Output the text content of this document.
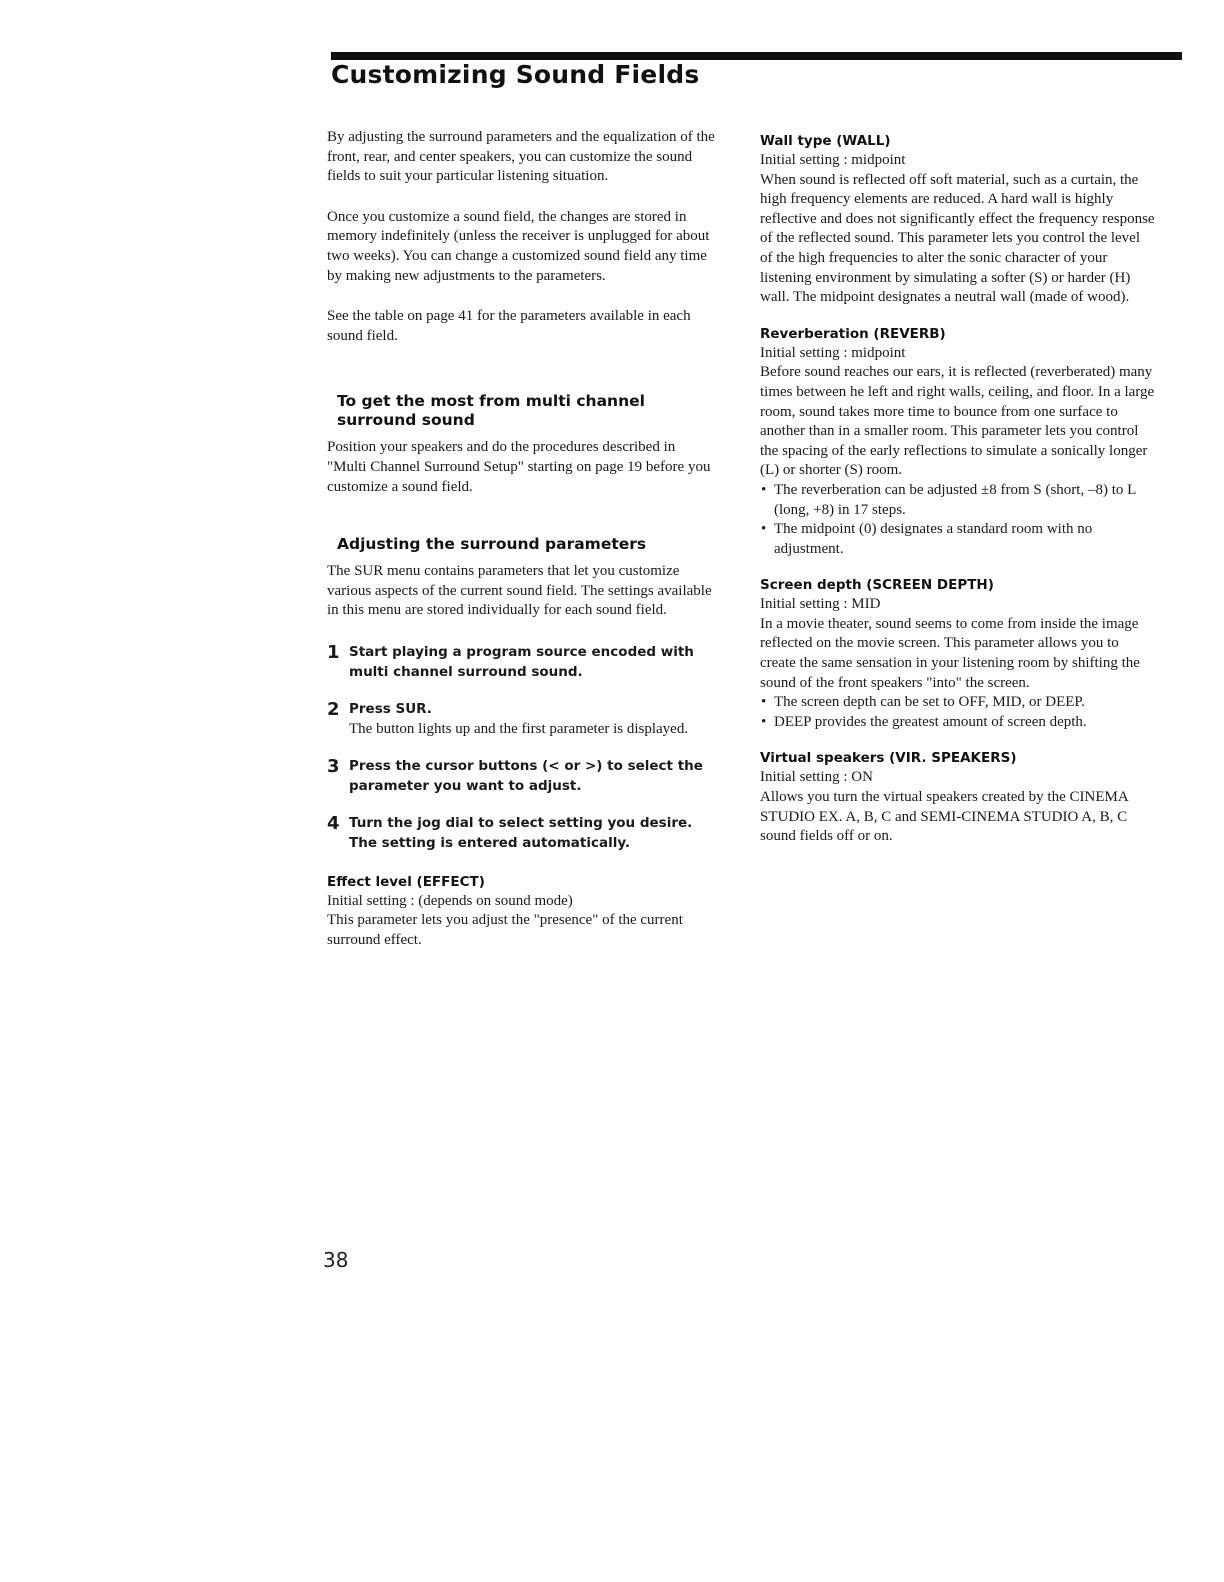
Customizing Sound Fields

By adjusting the surround parameters and the equalization of the front, rear, and center speakers, you can customize the sound fields to suit your particular listening situation.

Once you customize a sound field, the changes are stored in memory indefinitely (unless the receiver is unplugged for about two weeks). You can change a customized sound field any time by making new adjustments to the parameters.

See the table on page 41 for the parameters available in each sound field.

To get the most from multi channel surround sound

Position your speakers and do the procedures described in "Multi Channel Surround Setup" starting on page 19 before you customize a sound field.

Adjusting the surround parameters

The SUR menu contains parameters that let you customize various aspects of the current sound field. The settings available in this menu are stored individually for each sound field.

1 Start playing a program source encoded with multi channel surround sound.
2 Press SUR.

The button lights up and the first parameter is displayed.

3 Press the cursor buttons (< or >) to select the parameter you want to adjust.
4 Turn the jog dial to select setting you desire. The setting is entered automatically.
Effect level (EFFECT)

Initial setting : (depends on sound mode)

This parameter lets you adjust the "presence" of the current surround effect.

Wall type (WALL)

Initial setting : midpoint

When sound is reflected off soft material, such as a curtain, the high frequency elements are reduced. A hard wall is highly reflective and does not significantly effect the frequency response of the reflected sound. This parameter lets you control the level of the high frequencies to alter the sonic character of your listening environment by simulating a softer (S) or harder (H) wall. The midpoint designates a neutral wall (made of wood).

Reverberation (REVERB)

Initial setting : midpoint

Before sound reaches our ears, it is reflected (reverberated) many times between he left and right walls, ceiling, and floor. In a large room, sound takes more time to bounce from one surface to another than in a smaller room. This parameter lets you control the spacing of the early reflections to simulate a sonically longer (L) or shorter (S) room.

• The reverberation can be adjusted ±8 from S (short, –8) to L (long, +8) in 17 steps.
• The midpoint (0) designates a standard room with no adjustment.
Screen depth (SCREEN DEPTH)

Initial setting : MID

In a movie theater, sound seems to come from inside the image reflected on the movie screen. This parameter allows you to create the same sensation in your listening room by shifting the sound of the front speakers "into" the screen.

• The screen depth can be set to OFF, MID, or DEEP.
• DEEP provides the greatest amount of screen depth.
Virtual speakers (VIR. SPEAKERS)

Initial setting : ON

Allows you turn the virtual speakers created by the CINEMA STUDIO EX. A, B, C and SEMI-CINEMA STUDIO A, B, C sound fields off or on.

38
